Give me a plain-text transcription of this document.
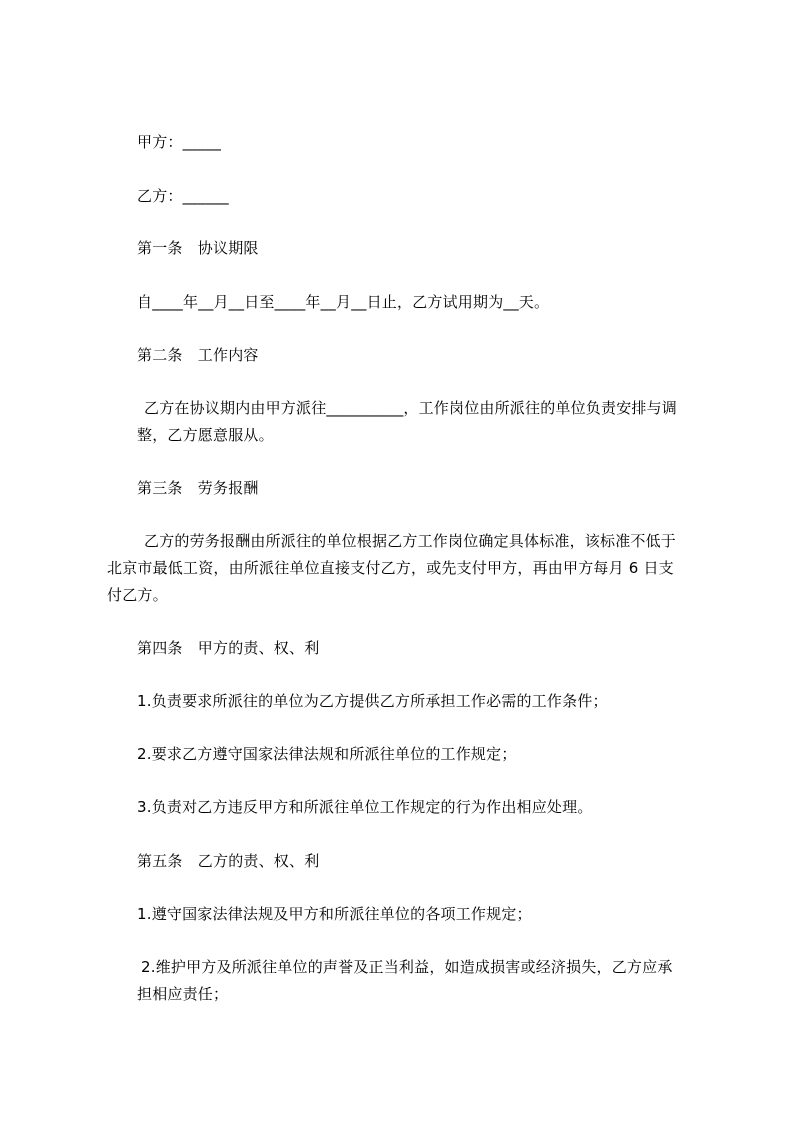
甲方：_____
乙方：______
第一条　协议期限
自____年__月__日至____年__月__日止，乙方试用期为__天。
第二条　工作内容
乙方在协议期内由甲方派往__________，工作岗位由所派往的单位负责安排与调
整，乙方愿意服从。
第三条　劳务报酬
乙方的劳务报酬由所派往的单位根据乙方工作岗位确定具体标准，该标准不低于
北京市最低工资，由所派往单位直接支付乙方，或先支付甲方，再由甲方每月 6 日支
付乙方。
第四条　甲方的责、权、利
1.负责要求所派往的单位为乙方提供乙方所承担工作必需的工作条件；
2.要求乙方遵守国家法律法规和所派往单位的工作规定；
3.负责对乙方违反甲方和所派往单位工作规定的行为作出相应处理。
第五条　乙方的责、权、利
1.遵守国家法律法规及甲方和所派往单位的各项工作规定；
2.维护甲方及所派往单位的声誉及正当利益，如造成损害或经济损失，乙方应承
担相应责任；
